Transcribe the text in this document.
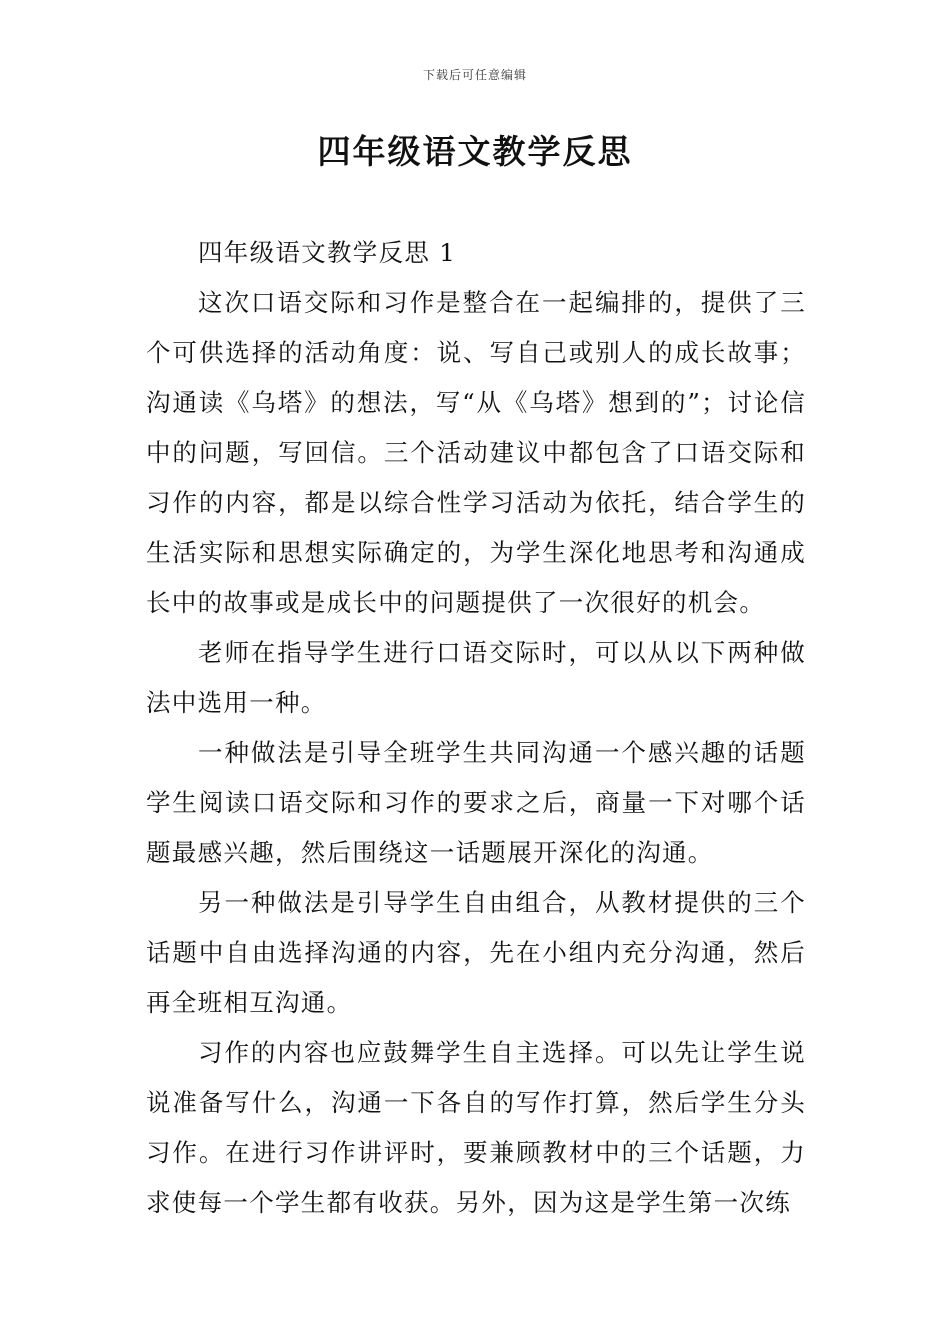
下载后可任意编辑
四年级语文教学反思

四年级语文教学反思 1

这次口语交际和习作是整合在一起编排的，提供了三个可供选择的活动角度：说、写自己或别人的成长故事；沟通读《乌塔》的想法，写“从《乌塔》想到的”；讨论信中的问题，写回信。三个活动建议中都包含了口语交际和习作的内容，都是以综合性学习活动为依托，结合学生的生活实际和思想实际确定的，为学生深化地思考和沟通成长中的故事或是成长中的问题提供了一次很好的机会。

老师在指导学生进行口语交际时，可以从以下两种做法中选用一种。

一种做法是引导全班学生共同沟通一个感兴趣的话题学生阅读口语交际和习作的要求之后，商量一下对哪个话题最感兴趣，然后围绕这一话题展开深化的沟通。

另一种做法是引导学生自由组合，从教材提供的三个话题中自由选择沟通的内容，先在小组内充分沟通，然后再全班相互沟通。

习作的内容也应鼓舞学生自主选择。可以先让学生说说准备写什么，沟通一下各自的写作打算，然后学生分头习作。在进行习作讲评时，要兼顾教材中的三个话题，力求使每一个学生都有收获。另外，因为这是学生第一次练
